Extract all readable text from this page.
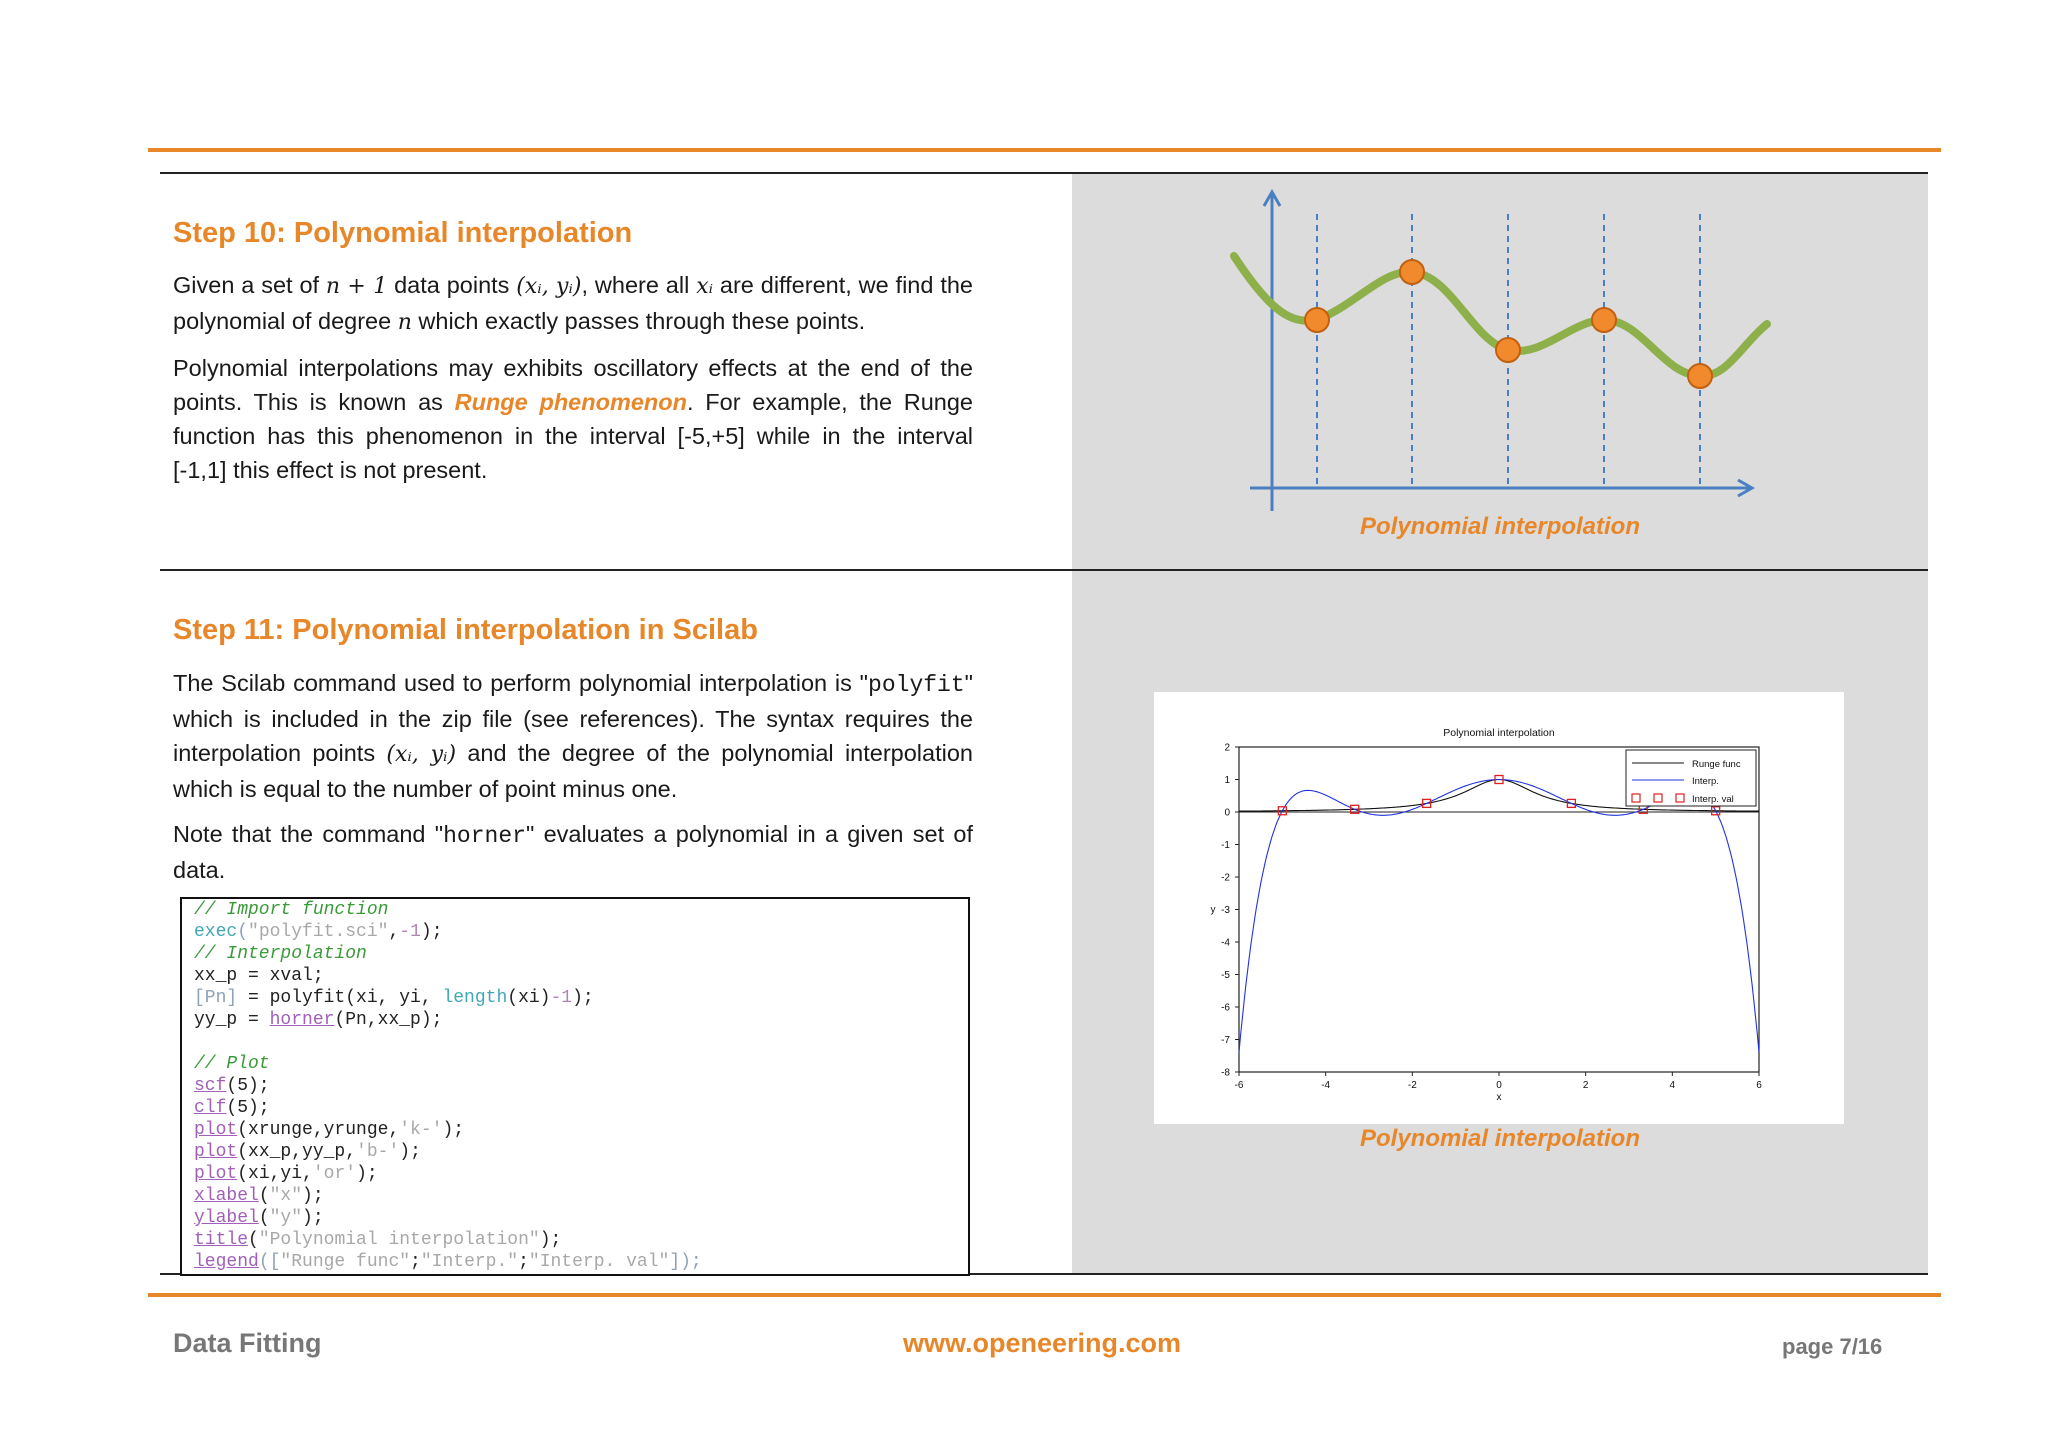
Step 10: Polynomial interpolation
Given a set of n + 1 data points (xᵢ, yᵢ), where all xᵢ are different, we find the polynomial of degree n which exactly passes through these points.
Polynomial interpolations may exhibits oscillatory effects at the end of the points. This is known as Runge phenomenon. For example, the Runge function has this phenomenon in the interval [-5,+5] while in the interval [-1,1] this effect is not present.
Polynomial interpolation
Step 11: Polynomial interpolation in Scilab
The Scilab command used to perform polynomial interpolation is "polyfit" which is included in the zip file (see references). The syntax requires the interpolation points (xᵢ, yᵢ) and the degree of the polynomial interpolation which is equal to the number of point minus one.
Note that the command "horner" evaluates a polynomial in a given set of data.
// Import function
exec("polyfit.sci",-1);
// Interpolation
xx_p = xval;
[Pn] = polyfit(xi, yi, length(xi)-1);
yy_p = horner(Pn,xx_p);

// Plot
scf(5);
clf(5);
plot(xrunge,yrunge,'k-');
plot(xx_p,yy_p,'b-');
plot(xi,yi,'or');
xlabel("x");
ylabel("y");
title("Polynomial interpolation");
legend(["Runge func";"Interp.";"Interp. val"]);
Polynomial interpolation
-6	-4	-2	0	2	4	6
2
1
0
-1
-2
-3
-4
-5
-6
-7
-8
x
y
Runge func
Interp.
Interp. val
Polynomial interpolation
Data Fitting	www.openeering.com	page 7/16
